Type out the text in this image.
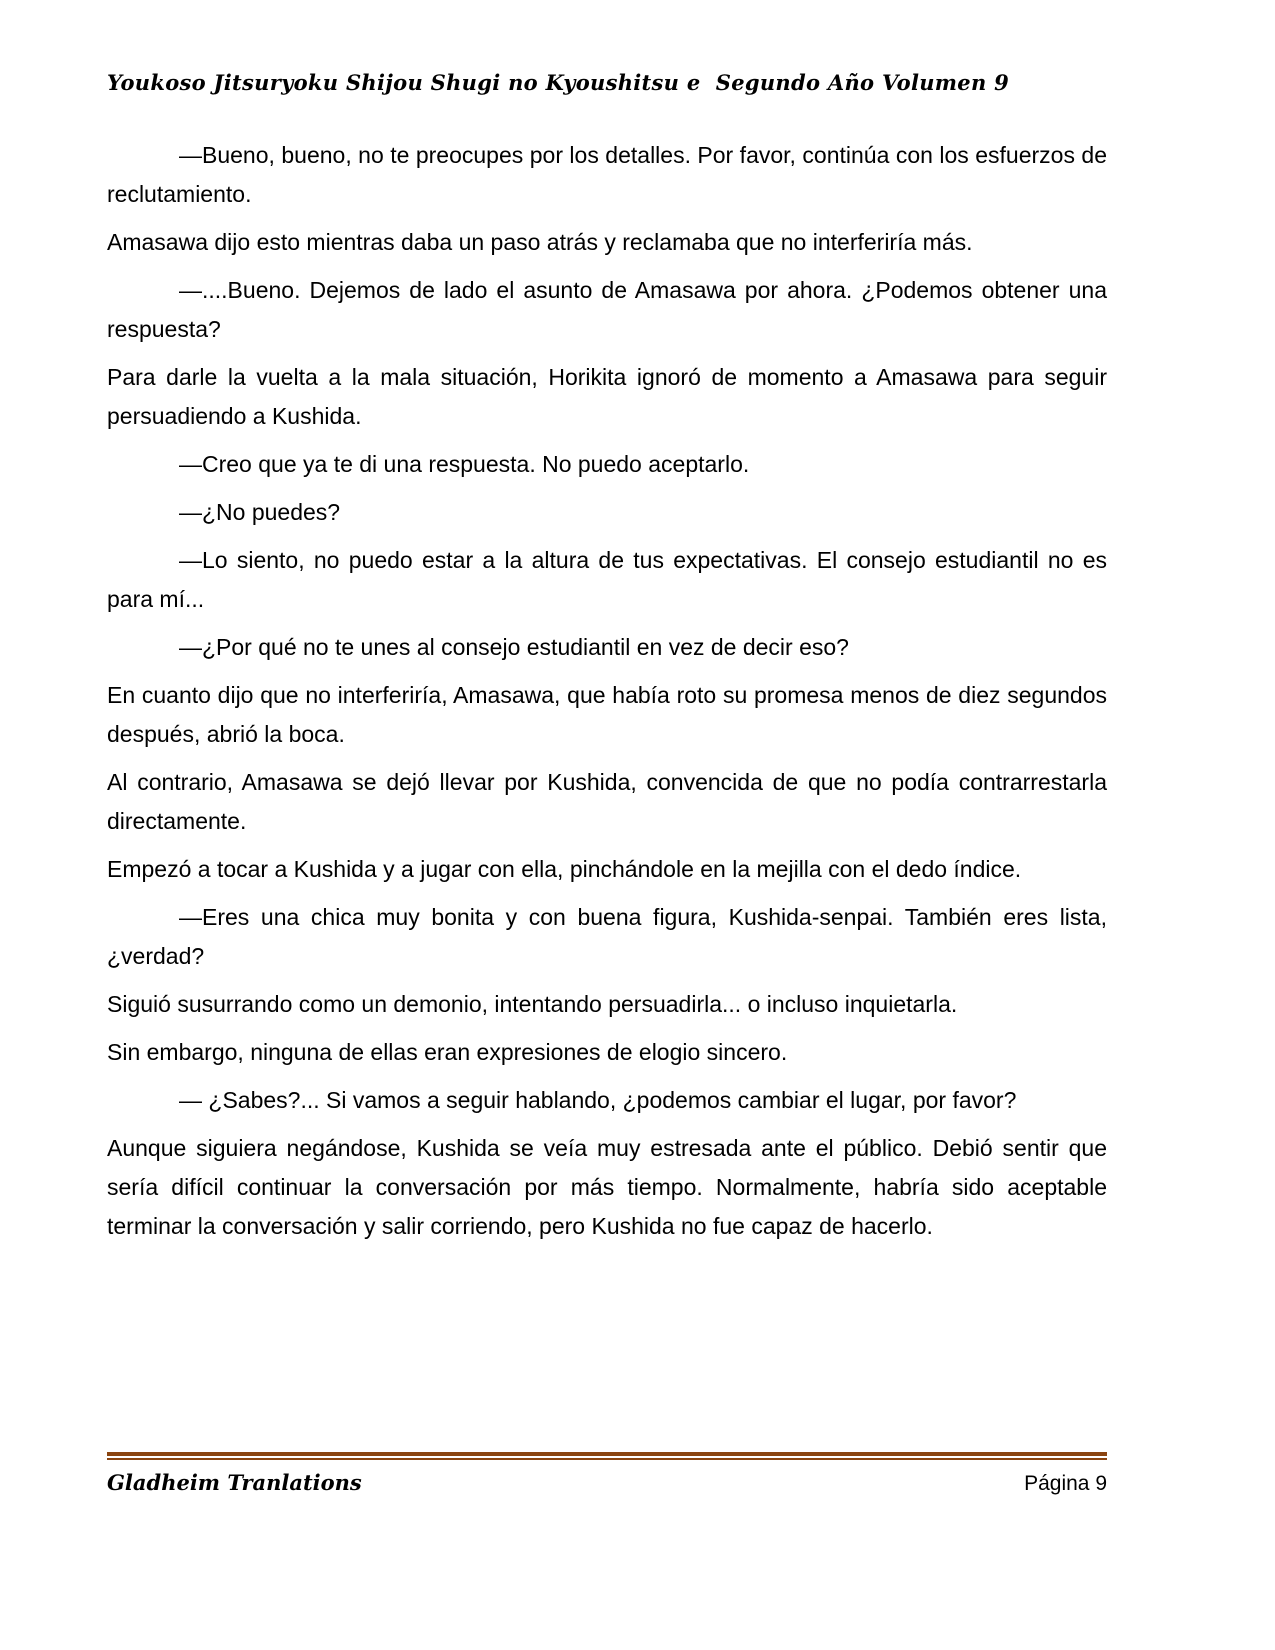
Youkoso Jitsuryoku Shijou Shugi no Kyoushitsu e  Segundo Año Volumen 9

—Bueno, bueno, no te preocupes por los detalles. Por favor, continúa con los esfuerzos de reclutamiento.

Amasawa dijo esto mientras daba un paso atrás y reclamaba que no interferiría más.

—....Bueno. Dejemos de lado el asunto de Amasawa por ahora. ¿Podemos obtener una respuesta?

Para darle la vuelta a la mala situación, Horikita ignoró de momento a Amasawa para seguir persuadiendo a Kushida.

—Creo que ya te di una respuesta. No puedo aceptarlo.

—¿No puedes?

—Lo siento, no puedo estar a la altura de tus expectativas. El consejo estudiantil no es para mí...

—¿Por qué no te unes al consejo estudiantil en vez de decir eso?

En cuanto dijo que no interferiría, Amasawa, que había roto su promesa menos de diez segundos después, abrió la boca.

Al contrario, Amasawa se dejó llevar por Kushida, convencida de que no podía contrarrestarla directamente.

Empezó a tocar a Kushida y a jugar con ella, pinchándole en la mejilla con el dedo índice.

—Eres una chica muy bonita y con buena figura, Kushida-senpai. También eres lista, ¿verdad?

Siguió susurrando como un demonio, intentando persuadirla... o incluso inquietarla.

Sin embargo, ninguna de ellas eran expresiones de elogio sincero.

— ¿Sabes?... Si vamos a seguir hablando, ¿podemos cambiar el lugar, por favor?

Aunque siguiera negándose, Kushida se veía muy estresada ante el público. Debió sentir que sería difícil continuar la conversación por más tiempo. Normalmente, habría sido aceptable terminar la conversación y salir corriendo, pero Kushida no fue capaz de hacerlo.

Gladheim Tranlations	Página 9
